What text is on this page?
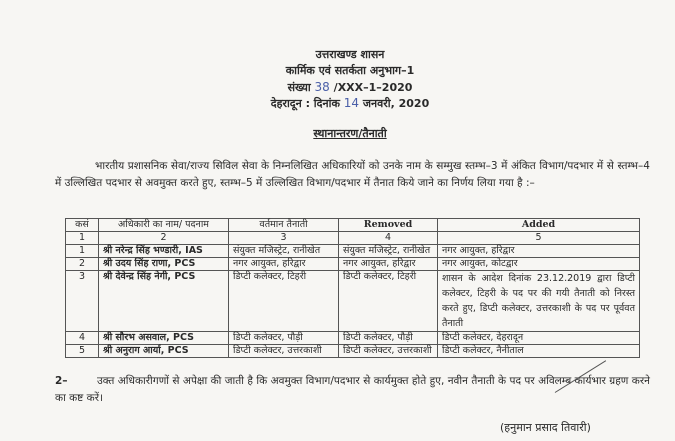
उत्तराखण्ड शासन
कार्मिक एवं सतर्कता अनुभाग–1
संख्या 38 /XXX–1–2020
देहरादून : दिनांक 14 जनवरी, 2020
स्थानान्तरण/तैनाती
भारतीय प्रशासनिक सेवा/राज्य सिविल सेवा के निम्नलिखित अधिकारियों को उनके नाम के सम्मुख स्तम्भ–3 में अंकित विभाग/पदभार में से स्तम्भ–4 में उल्लिखित पदभार से अवमुक्त करते हुए, स्तम्भ–5 में उल्लिखित विभाग/पदभार में तैनात किये जाने का निर्णय लिया गया है :–
कसं	अधिकारी का नाम/ पदनाम	वर्तमान तैनाती	Removed	Added
1	2	3	4	5
1	श्री नरेन्द्र सिंह भण्डारी, IAS	संयुक्त मजिस्ट्रेट, रानीखेत	संयुक्त मजिस्ट्रेट, रानीखेत	नगर आयुक्त, हरिद्वार
2	श्री उदय सिंह राणा, PCS	नगर आयुक्त, हरिद्वार	नगर आयुक्त, हरिद्वार	नगर आयुक्त, कोटद्वार
3	श्री देवेन्द्र सिंह नेगी, PCS	डिप्टी कलेक्टर, टिहरी	डिप्टी कलेक्टर, टिहरी	शासन के आदेश दिनांक 23.12.2019 द्वारा डिप्टी कलेक्टर, टिहरी के पद पर की गयी तैनाती को निरस्त करते हुए, डिप्टी कलेक्टर, उत्तरकाशी के पद पर पूर्ववत तैनाती
4	श्री सौरभ असवाल, PCS	डिप्टी कलेक्टर, पौड़ी	डिप्टी कलेक्टर, पौड़ी	डिप्टी कलेक्टर, देहरादून
5	श्री अनुराग आर्या, PCS	डिप्टी कलेक्टर, उत्तरकाशी	डिप्टी कलेक्टर, उत्तरकाशी	डिप्टी कलेक्टर, नैनीताल
2–	उक्त अधिकारीगणों से अपेक्षा की जाती है कि अवमुक्त विभाग/पदभार से कार्यमुक्त होते हुए, नवीन तैनाती के पद पर अविलम्ब कार्यभार ग्रहण करने का कष्ट करें।
(हनुमान प्रसाद तिवारी)
